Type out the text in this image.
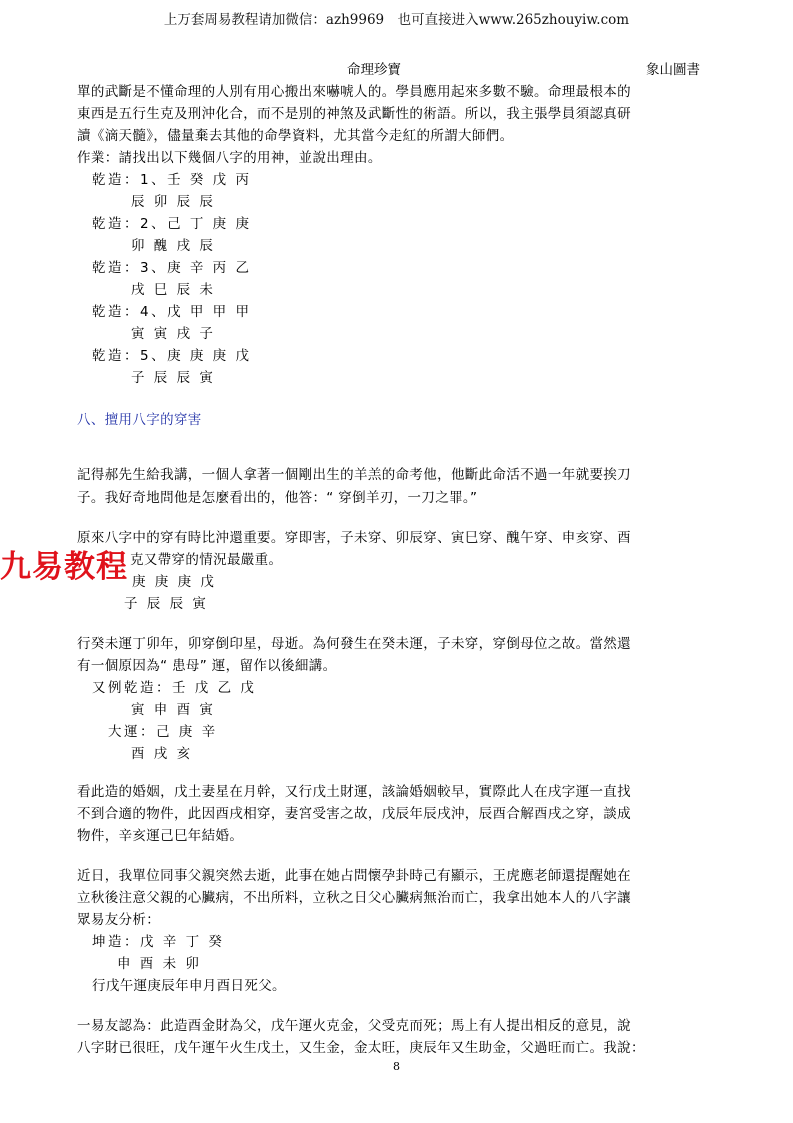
上万套周易教程请加微信：azh9969　也可直接进入www.265zhouyiw.com
命理珍寶	象山圖書
單的武斷是不懂命理的人別有用心搬出來嚇唬人的。學員應用起來多數不驗。命理最根本的
東西是五行生克及刑沖化合，而不是別的神煞及武斷性的術語。所以，我主張學員須認真研
讀《滴天髓》，儘量棄去其他的命學資料，尤其當今走紅的所謂大師們。
作業：請找出以下幾個八字的用神，並說出理由。
乾造：1、壬 癸 戊 丙
辰 卯 辰 辰
乾造：2、己 丁 庚 庚
卯 醜 戌 辰
乾造：3、庚 辛 丙 乙
戌 巳 辰 未
乾造：4、戊 甲 甲 甲
寅 寅 戌 子
乾造：5、庚 庚 庚 戊
子 辰 辰 寅
八、擅用八字的穿害
記得郝先生給我講，一個人拿著一個剛出生的羊羔的命考他，他斷此命活不過一年就要挨刀
子。我好奇地問他是怎麼看出的，他答：“ 穿倒羊刃，一刀之罪。”
原來八字中的穿有時比沖還重要。穿即害，子未穿、卯辰穿、寅巳穿、醜午穿、申亥穿、酉
克又帶穿的情況最嚴重。
庚 庚 庚 戊
子 辰 辰 寅
九易教程
行癸未運丁卯年，卯穿倒印星，母逝。為何發生在癸未運，子未穿，穿倒母位之故。當然還
有一個原因為“ 患母” 運，留作以後細講。
又例乾造：壬 戊 乙 戊
寅 申 酉 寅
大運：己 庚 辛
酉 戌 亥
看此造的婚姻，戊土妻星在月幹，又行戊土財運，該論婚姻較早，實際此人在戌字運一直找
不到合適的物件，此因酉戌相穿，妻宮受害之故，戊辰年辰戌沖，辰酉合解酉戌之穿，談成
物件，辛亥運己巳年結婚。
近日，我單位同事父親突然去逝，此事在她占問懷孕卦時己有顯示，王虎應老師還提醒她在
立秋後注意父親的心臟病，不出所料，立秋之日父心臟病無治而亡，我拿出她本人的八字讓
眾易友分析：
坤造：戊 辛 丁 癸
申 酉 未 卯
行戊午運庚辰年申月酉日死父。
一易友認為：此造酉金財為父，戊午運火克金，父受克而死；馬上有人提出相反的意見，說
八字財已很旺，戊午運午火生戊土，又生金，金太旺，庚辰年又生助金，父過旺而亡。我說：
8
